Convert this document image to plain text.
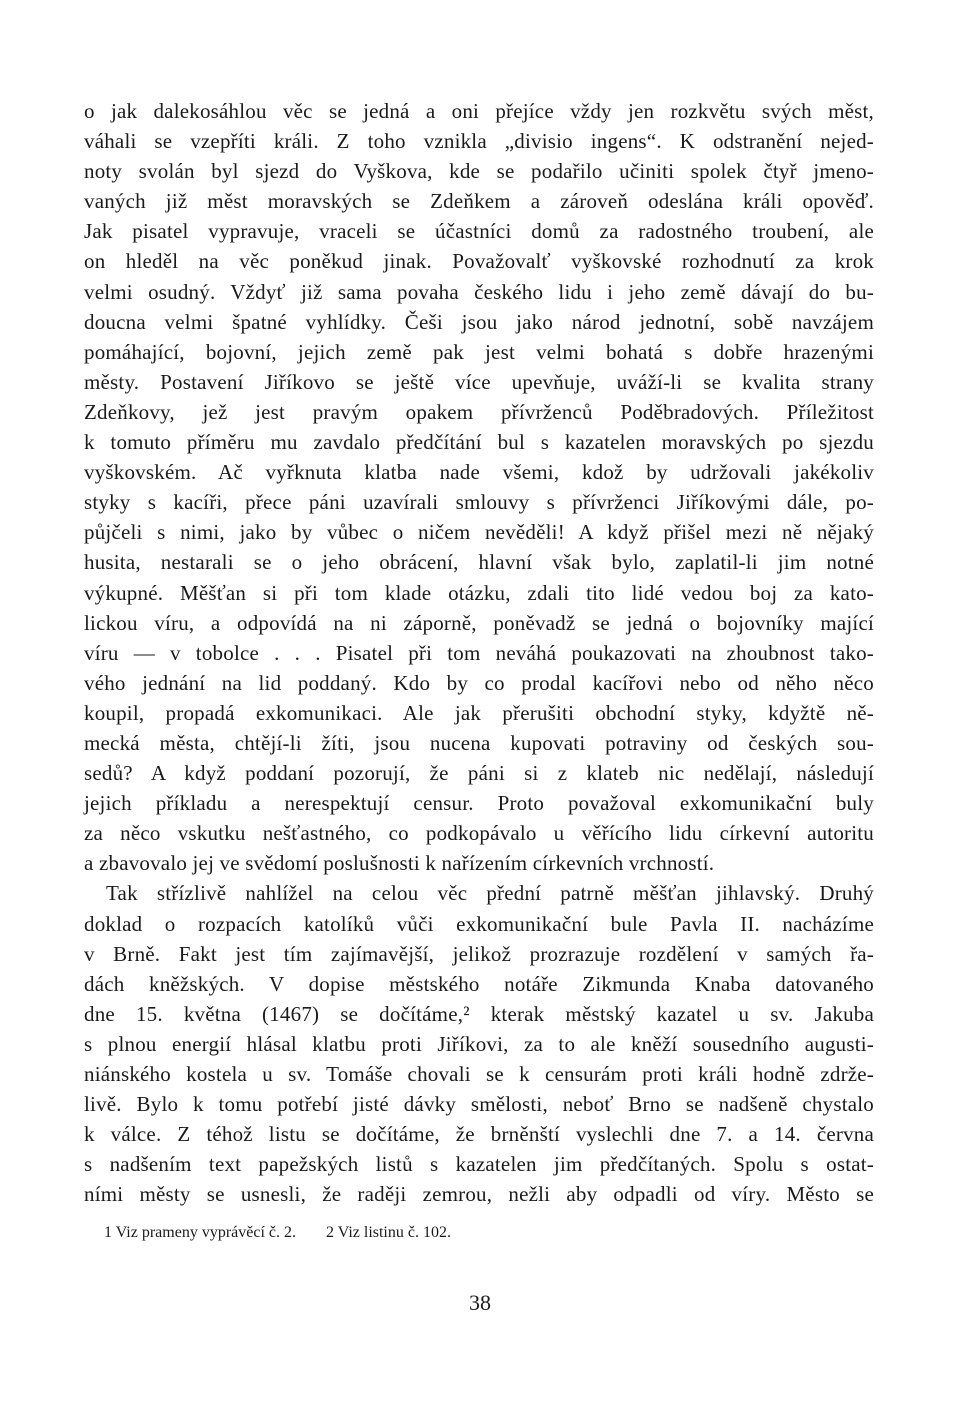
o jak dalekosáhlou věc se jedná a oni přejíce vždy jen rozkvětu svých měst,
váhali se vzepříti králi. Z toho vznikla „divisio ingens“. K odstranění nejed-
noty svolán byl sjezd do Vyškova, kde se podařilo učiniti spolek čtyř jmeno-
vaných již měst moravských se Zdeňkem a zároveň odeslána králi opověď.
Jak pisatel vypravuje, vraceli se účastníci domů za radostného troubení, ale
on hleděl na věc poněkud jinak. Považovalť vyškovské rozhodnutí za krok
velmi osudný. Vždyť již sama povaha českého lidu i jeho země dávají do bu-
doucna velmi špatné vyhlídky. Češi jsou jako národ jednotní, sobě navzájem
pomáhající, bojovní, jejich země pak jest velmi bohatá s dobře hrazenými
městy. Postavení Jiříkovo se ještě více upevňuje, uváží-li se kvalita strany
Zdeňkovy, jež jest pravým opakem přívrženců Poděbradových. Příležitost
k tomuto příměru mu zavdalo předčítání bul s kazatelen moravských po sjezdu
vyškovském. Ač vyřknuta klatba nade všemi, kdož by udržovali jakékoliv
styky s kacíři, přece páni uzavírali smlouvy s přívrženci Jiříkovými dále, po-
půjčeli s nimi, jako by vůbec o ničem nevěděli! A když přišel mezi ně nějaký
husita, nestarali se o jeho obrácení, hlavní však bylo, zaplatil-li jim notné
výkupné. Měšťan si při tom klade otázku, zdali tito lidé vedou boj za kato-
lickou víru, a odpovídá na ni záporně, poněvadž se jedná o bojovníky mající
víru — v tobolce . . . Pisatel při tom neváhá poukazovati na zhoubnost tako-
vého jednání na lid poddaný. Kdo by co prodal kacířovi nebo od něho něco
koupil, propadá exkomunikaci. Ale jak přerušiti obchodní styky, kdyžtě ně-
mecká města, chtějí-li žíti, jsou nucena kupovati potraviny od českých sou-
sedů? A když poddaní pozorují, že páni si z klateb nic nedělají, následují
jejich příkladu a nerespektují censur. Proto považoval exkomunikační buly
za něco vskutku nešťastného, co podkopávalo u věřícího lidu církevní autoritu
a zbavovalo jej ve svědomí poslušnosti k nařízením církevních vrchností.
Tak střízlivě nahlížel na celou věc přední patrně měšťan jihlavský. Druhý
doklad o rozpacích katolíků vůči exkomunikační bule Pavla II. nacházíme
v Brně. Fakt jest tím zajímavější, jelikož prozrazuje rozdělení v samých řa-
dách kněžských. V dopise městského notáře Zikmunda Knaba datovaného
dne 15. května (1467) se dočítáme,² kterak městský kazatel u sv. Jakuba
s plnou energií hlásal klatbu proti Jiříkovi, za to ale kněží sousedního augusti-
niánského kostela u sv. Tomáše chovali se k censurám proti králi hodně zdrže-
livě. Bylo k tomu potřebí jisté dávky smělosti, neboť Brno se nadšeně chystalo
k válce. Z téhož listu se dočítáme, že brněnští vyslechli dne 7. a 14. června
s nadšením text papežských listů s kazatelen jim předčítaných. Spolu s ostat-
ními městy se usnesli, že raději zemrou, nežli aby odpadli od víry. Město se
1 Viz prameny vyprávěcí č. 2. 2 Viz listinu č. 102.
38
